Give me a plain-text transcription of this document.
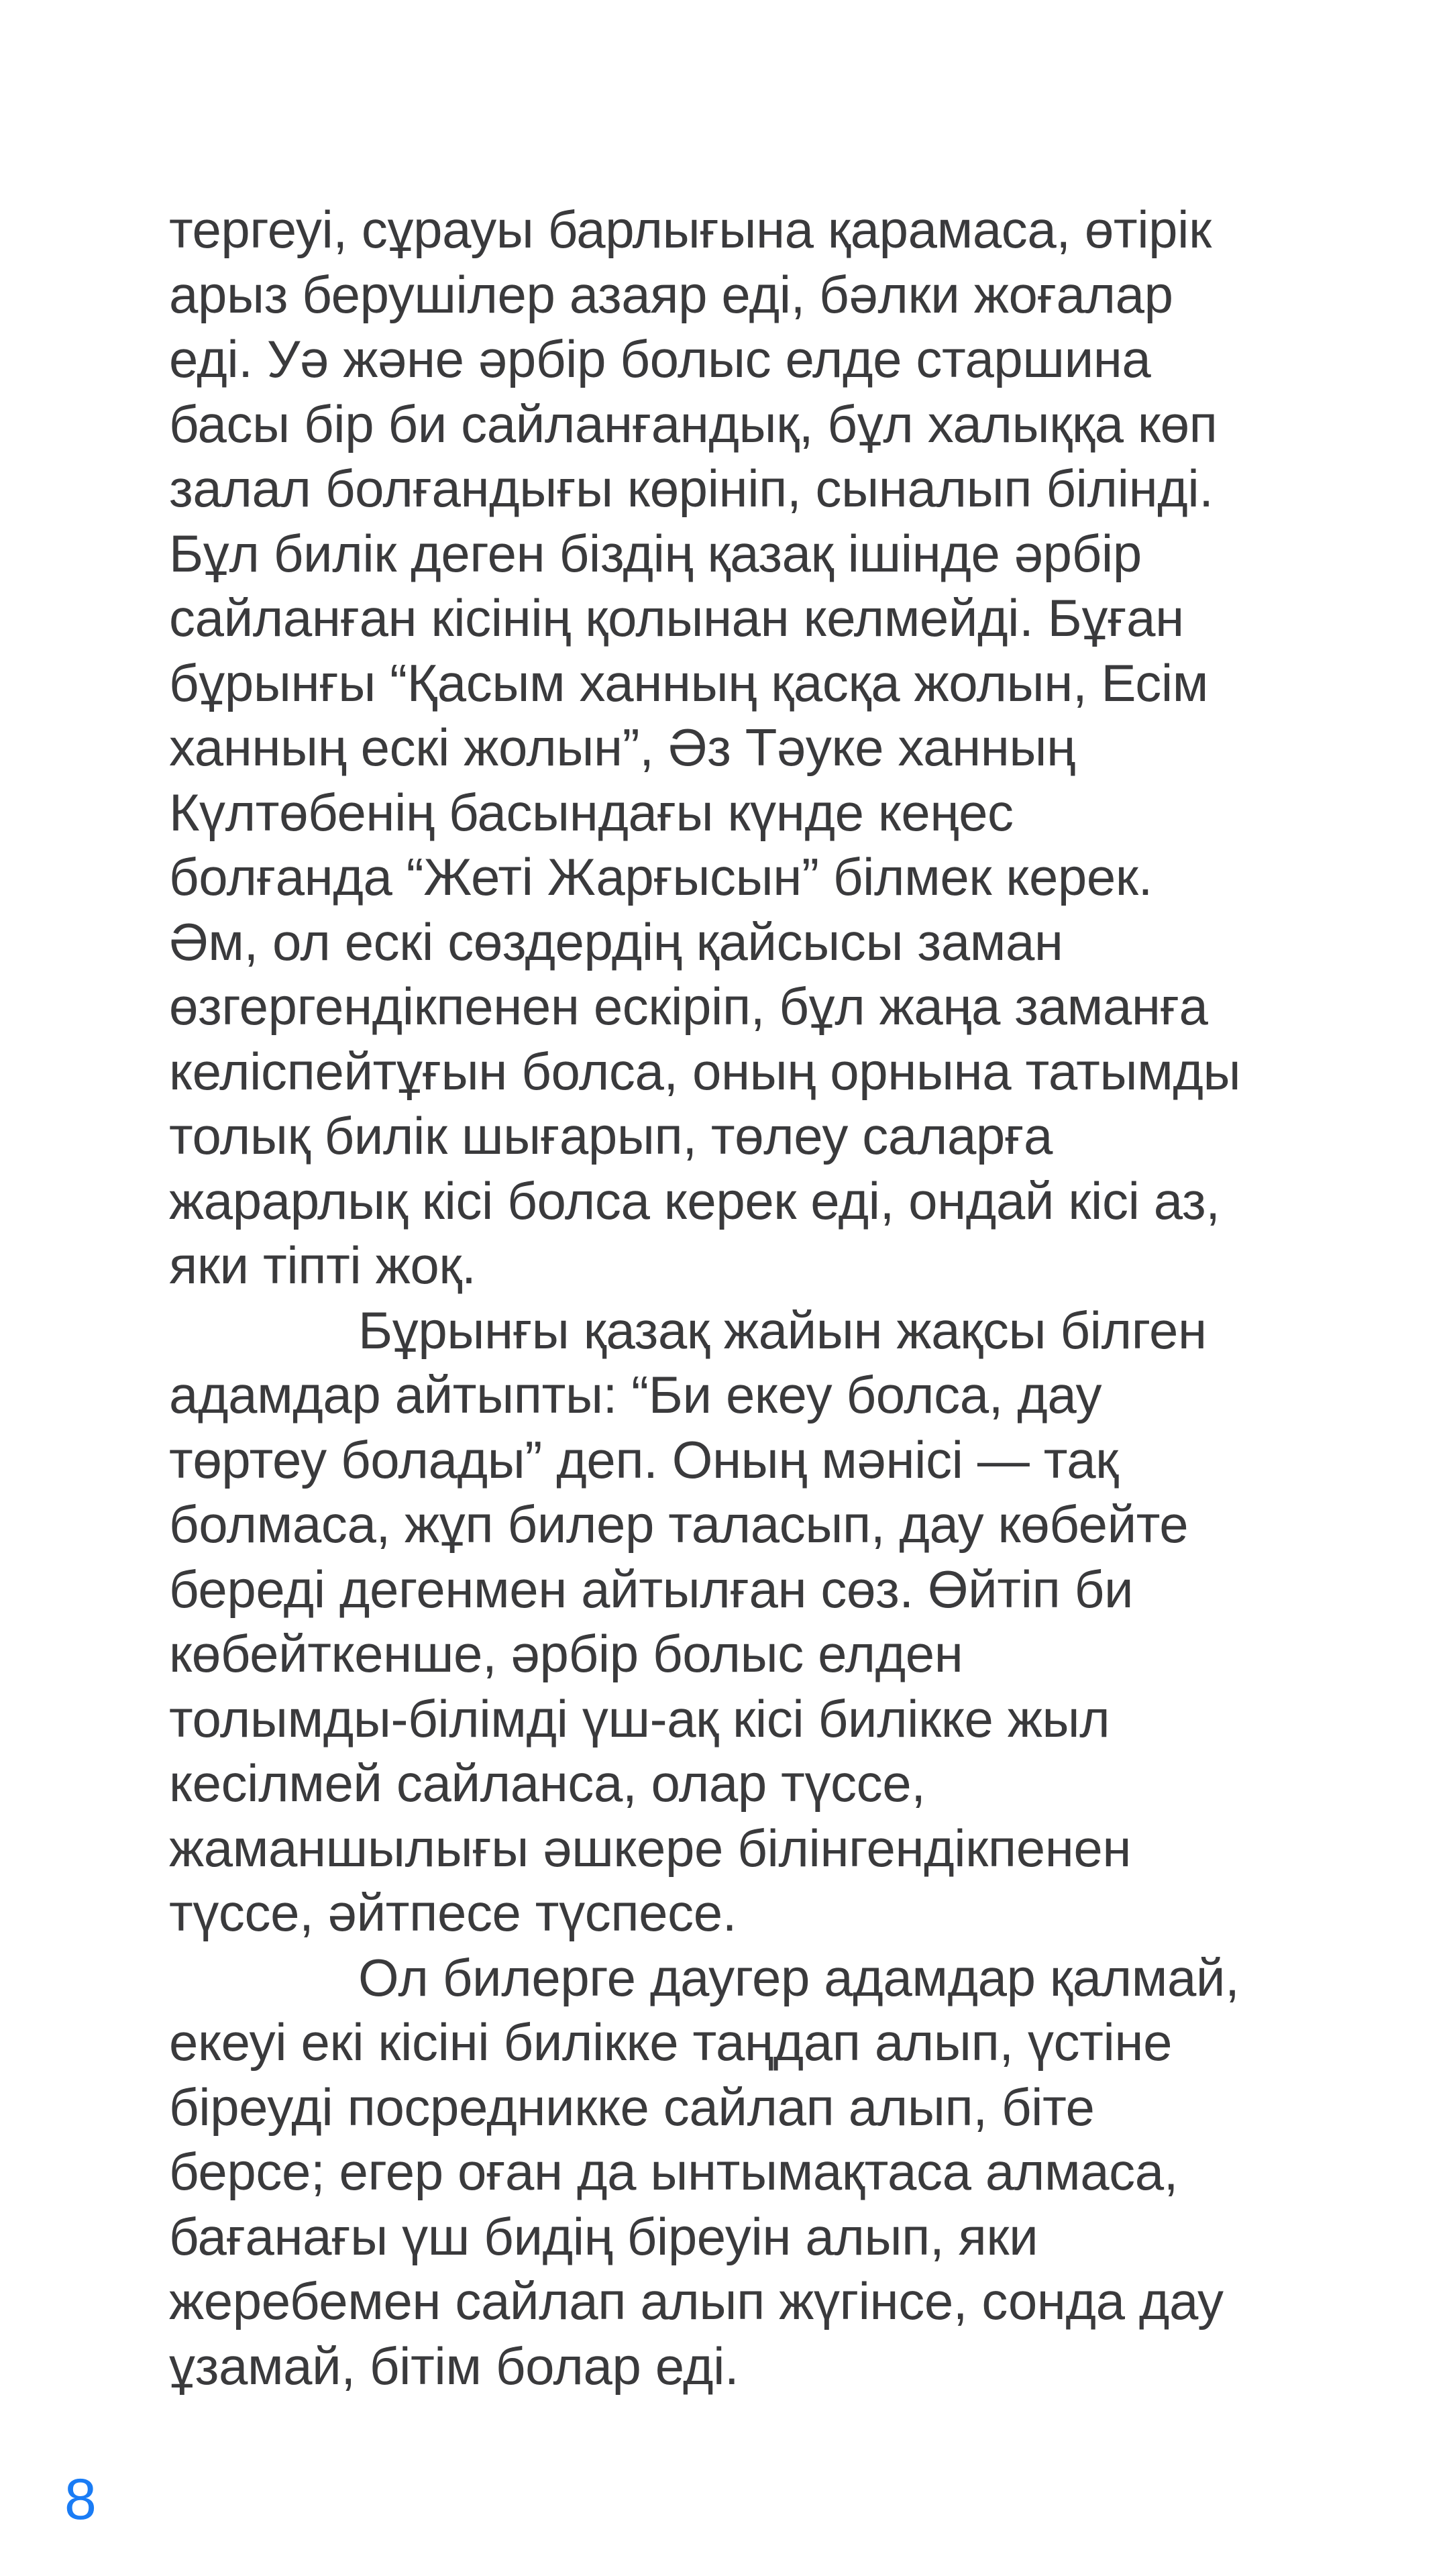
тергеуі, сұрауы барлығына қарамаса, өтірік
арыз берушілер азаяр еді, бәлки жоғалар
еді. Уә және әрбір болыс елде старшина
басы бір би сайланғандық, бұл халыққа көп
залал болғандығы көрініп, сыналып білінді.
Бұл билік деген біздің қазақ ішінде әрбір
сайланған кісінің қолынан келмейді. Бұған
бұрынғы “Қасым ханның қасқа жолын, Есім
ханның ескі жолын”, Әз Тәуке ханның
Күлтөбенің басындағы күнде кеңес
болғанда “Жеті Жарғысын” білмек керек.
Әм, ол ескі сөздердің қайсысы заман
өзгергендікпенен ескіріп, бұл жаңа заманға
келіспейтұғын болса, оның орнына татымды
толық билік шығарып, төлеу саларға
жарарлық кісі болса керек еді, ондай кісі аз,
яки тіпті жоқ.
Бұрынғы қазақ жайын жақсы білген
адамдар айтыпты: “Би екеу болса, дау
төртеу болады” деп. Оның мәнісі — тақ
болмаса, жұп билер таласып, дау көбейте
береді дегенмен айтылған сөз. Өйтіп би
көбейткенше, әрбір болыс елден
толымды-білімді үш-ақ кісі билікке жыл
кесілмей сайланса, олар түссе,
жаманшылығы әшкере білінгендікпенен
түссе, әйтпесе түспесе.
Ол билерге даугер адамдар қалмай,
екеуі екі кісіні билікке таңдап алып, үстіне
біреуді посредникке сайлап алып, біте
берсе; егер оған да ынтымақтаса алмаса,
бағанағы үш бидің біреуін алып, яки
жеребемен сайлап алып жүгінсе, сонда дау
ұзамай, бітім болар еді.
8
